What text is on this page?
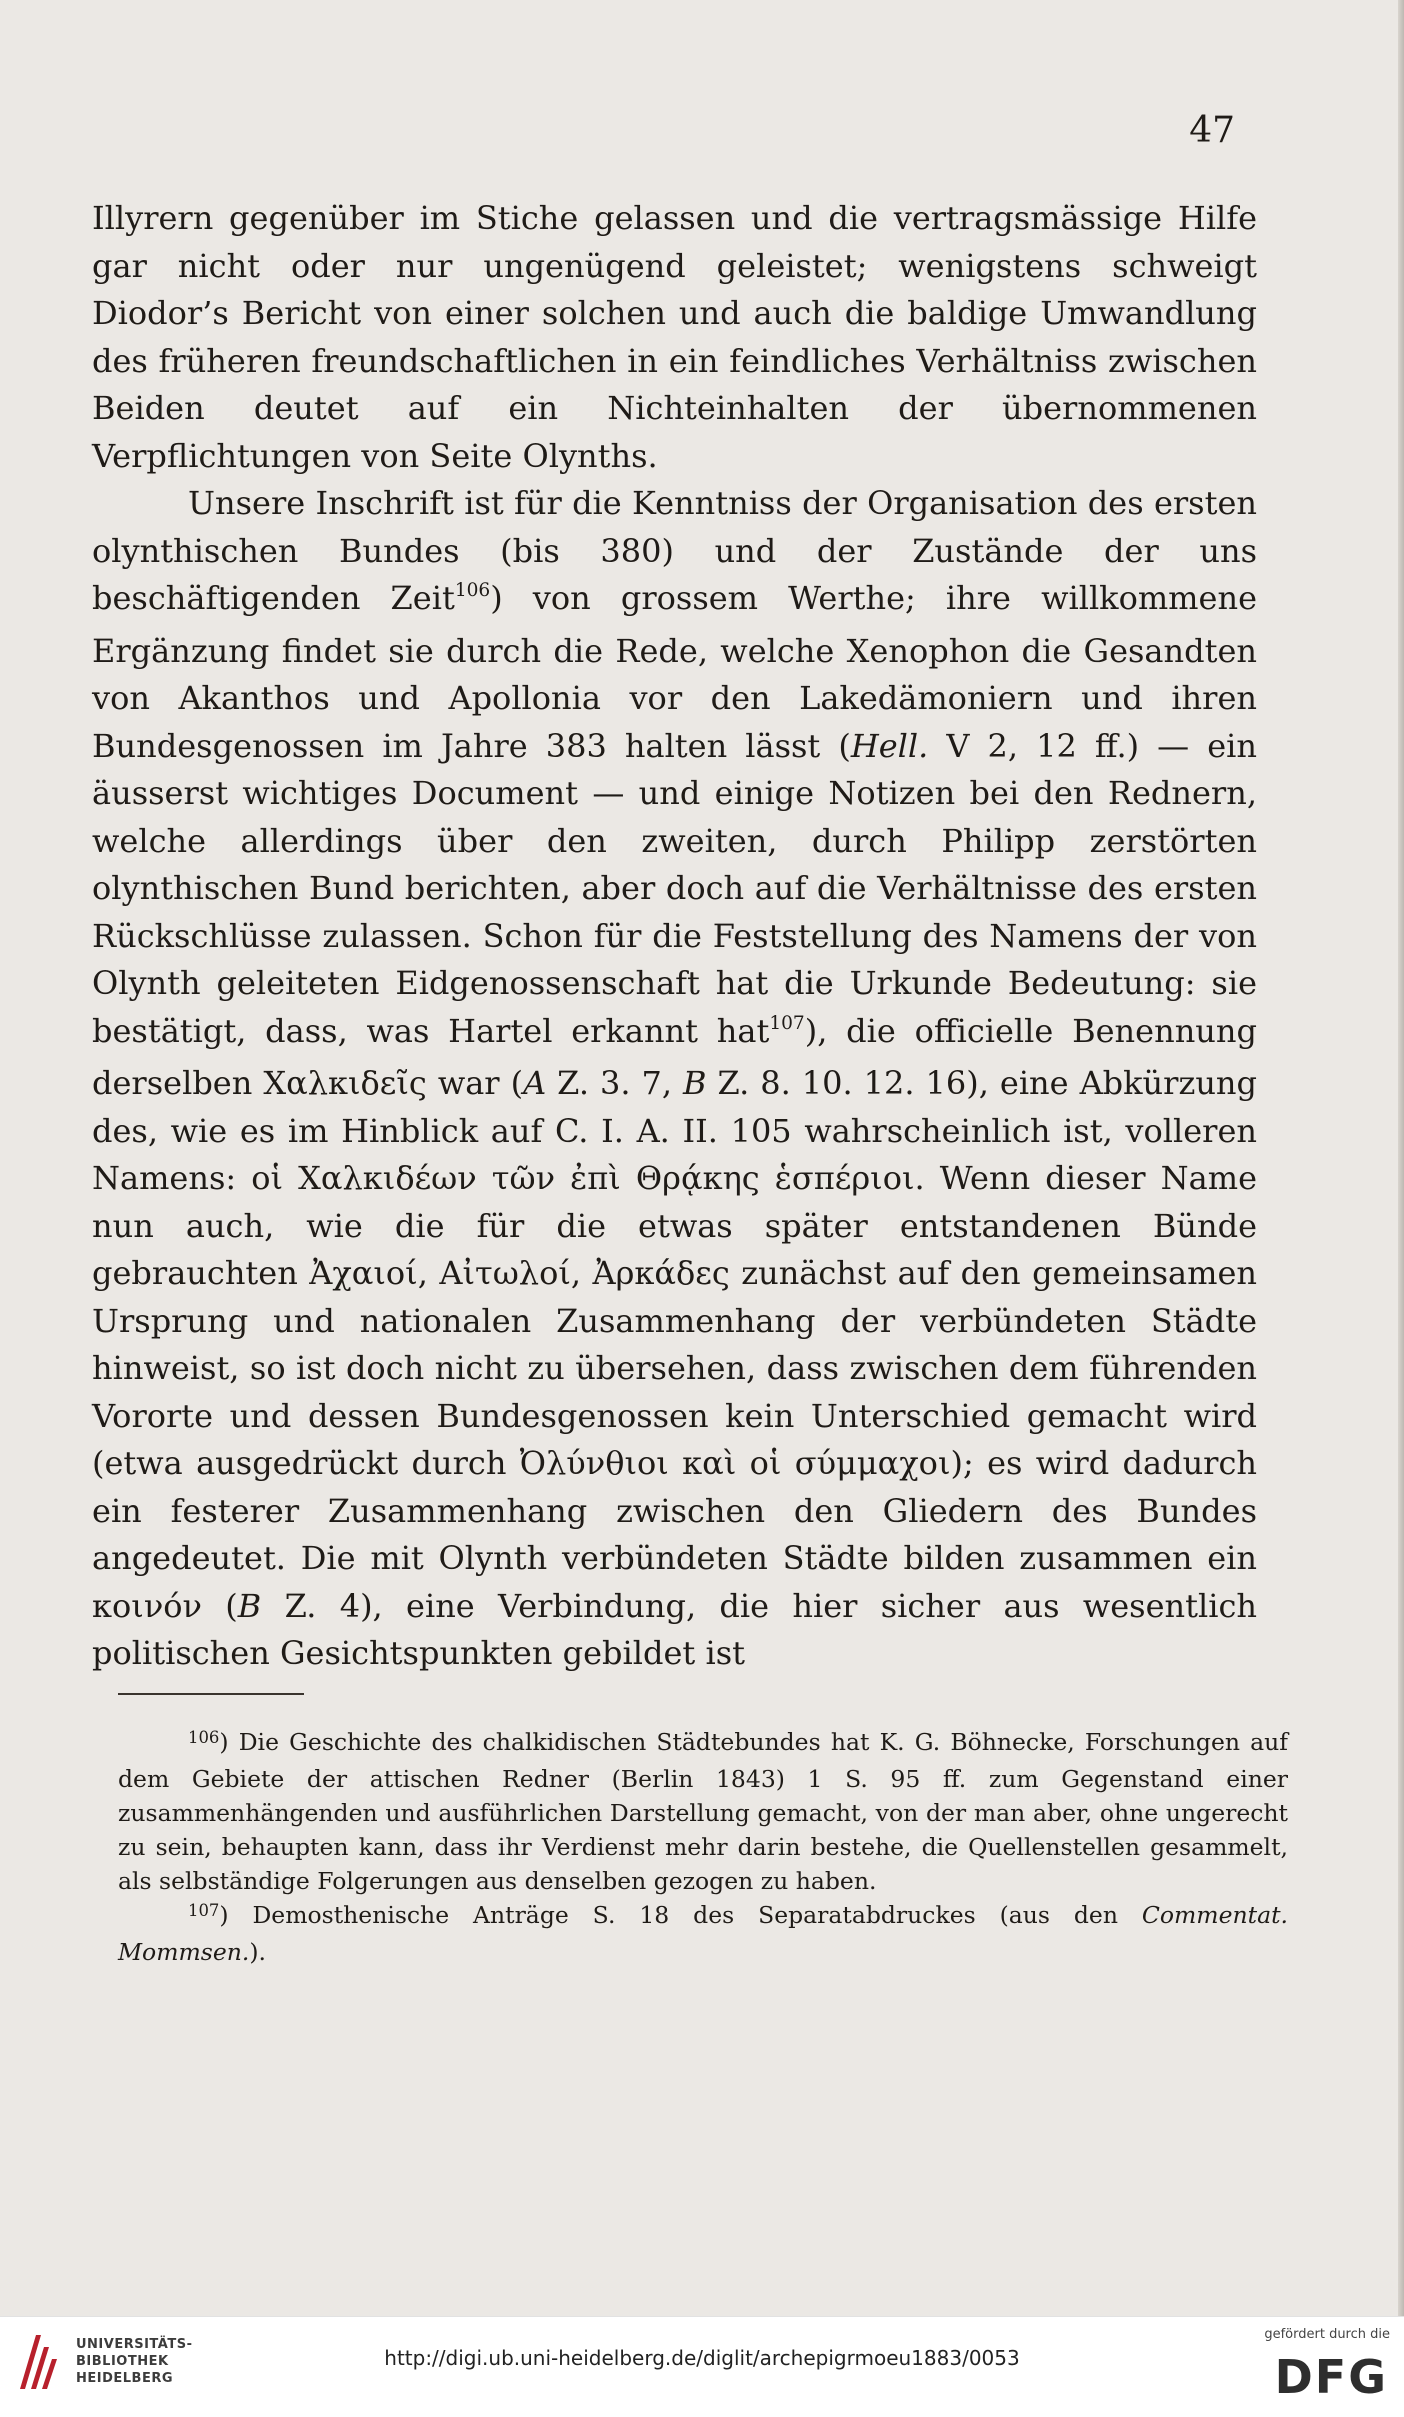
47

Illyrern gegenüber im Stiche gelassen und die vertragsmässige Hilfe gar nicht oder nur ungenügend geleistet; wenigstens schweigt Diodor’s Bericht von einer solchen und auch die baldige Umwandlung des früheren freundschaftlichen in ein feindliches Verhältniss zwischen Beiden deutet auf ein Nichteinhalten der übernommenen Verpflichtungen von Seite Olynths.

Unsere Inschrift ist für die Kenntniss der Organisation des ersten olynthischen Bundes (bis 380) und der Zustände der uns beschäftigenden Zeit$^{106}$) von grossem Werthe; ihre willkommene Ergänzung findet sie durch die Rede, welche Xenophon die Gesandten von Akanthos und Apollonia vor den Lakedämoniern und ihren Bundesgenossen im Jahre 383 halten lässt (Hell. V 2, 12 ff.) — ein äusserst wichtiges Document — und einige Notizen bei den Rednern, welche allerdings über den zweiten, durch Philipp zerstörten olynthischen Bund berichten, aber doch auf die Verhältnisse des ersten Rückschlüsse zulassen. Schon für die Feststellung des Namens der von Olynth geleiteten Eidgenossenschaft hat die Urkunde Bedeutung: sie bestätigt, dass, was Hartel erkannt hat$^{107}$), die officielle Benennung derselben Χαλκιδεῖς war (A Z. 3. 7, B Z. 8. 10. 12. 16), eine Abkürzung des, wie es im Hinblick auf C. I. A. II. 105 wahrscheinlich ist, volleren Namens: οἱ Χαλκιδέων τῶν ἐπὶ Θρᾴκης ἑσπέριοι. Wenn dieser Name nun auch, wie die für die etwas später entstandenen Bünde gebrauchten Ἀχαιοί, Αἰτωλοί, Ἀρκάδες zunächst auf den gemeinsamen Ursprung und nationalen Zusammenhang der verbündeten Städte hinweist, so ist doch nicht zu übersehen, dass zwischen dem führenden Vororte und dessen Bundesgenossen kein Unterschied gemacht wird (etwa ausgedrückt durch Ὀλύνθιοι καὶ οἱ σύμμαχοι); es wird dadurch ein festerer Zusammenhang zwischen den Gliedern des Bundes angedeutet. Die mit Olynth verbündeten Städte bilden zusammen ein κοινόν (B Z. 4), eine Verbindung, die hier sicher aus wesentlich politischen Gesichtspunkten gebildet ist

$^{106}$) Die Geschichte des chalkidischen Städtebundes hat K. G. Böhnecke, Forschungen auf dem Gebiete der attischen Redner (Berlin 1843) 1 S. 95 ff. zum Gegenstand einer zusammenhängenden und ausführlichen Darstellung gemacht, von der man aber, ohne ungerecht zu sein, behaupten kann, dass ihr Verdienst mehr darin bestehe, die Quellenstellen gesammelt, als selbständige Folgerungen aus denselben gezogen zu haben.

$^{107}$) Demosthenische Anträge S. 18 des Separatabdruckes (aus den Commentat. Mommsen.).

UNIVERSITÄTS-
BIBLIOTHEK
HEIDELBERG
http://digi.ub.uni-heidelberg.de/diglit/archepigrmoeu1883/0053
gefördert durch die
DFG
